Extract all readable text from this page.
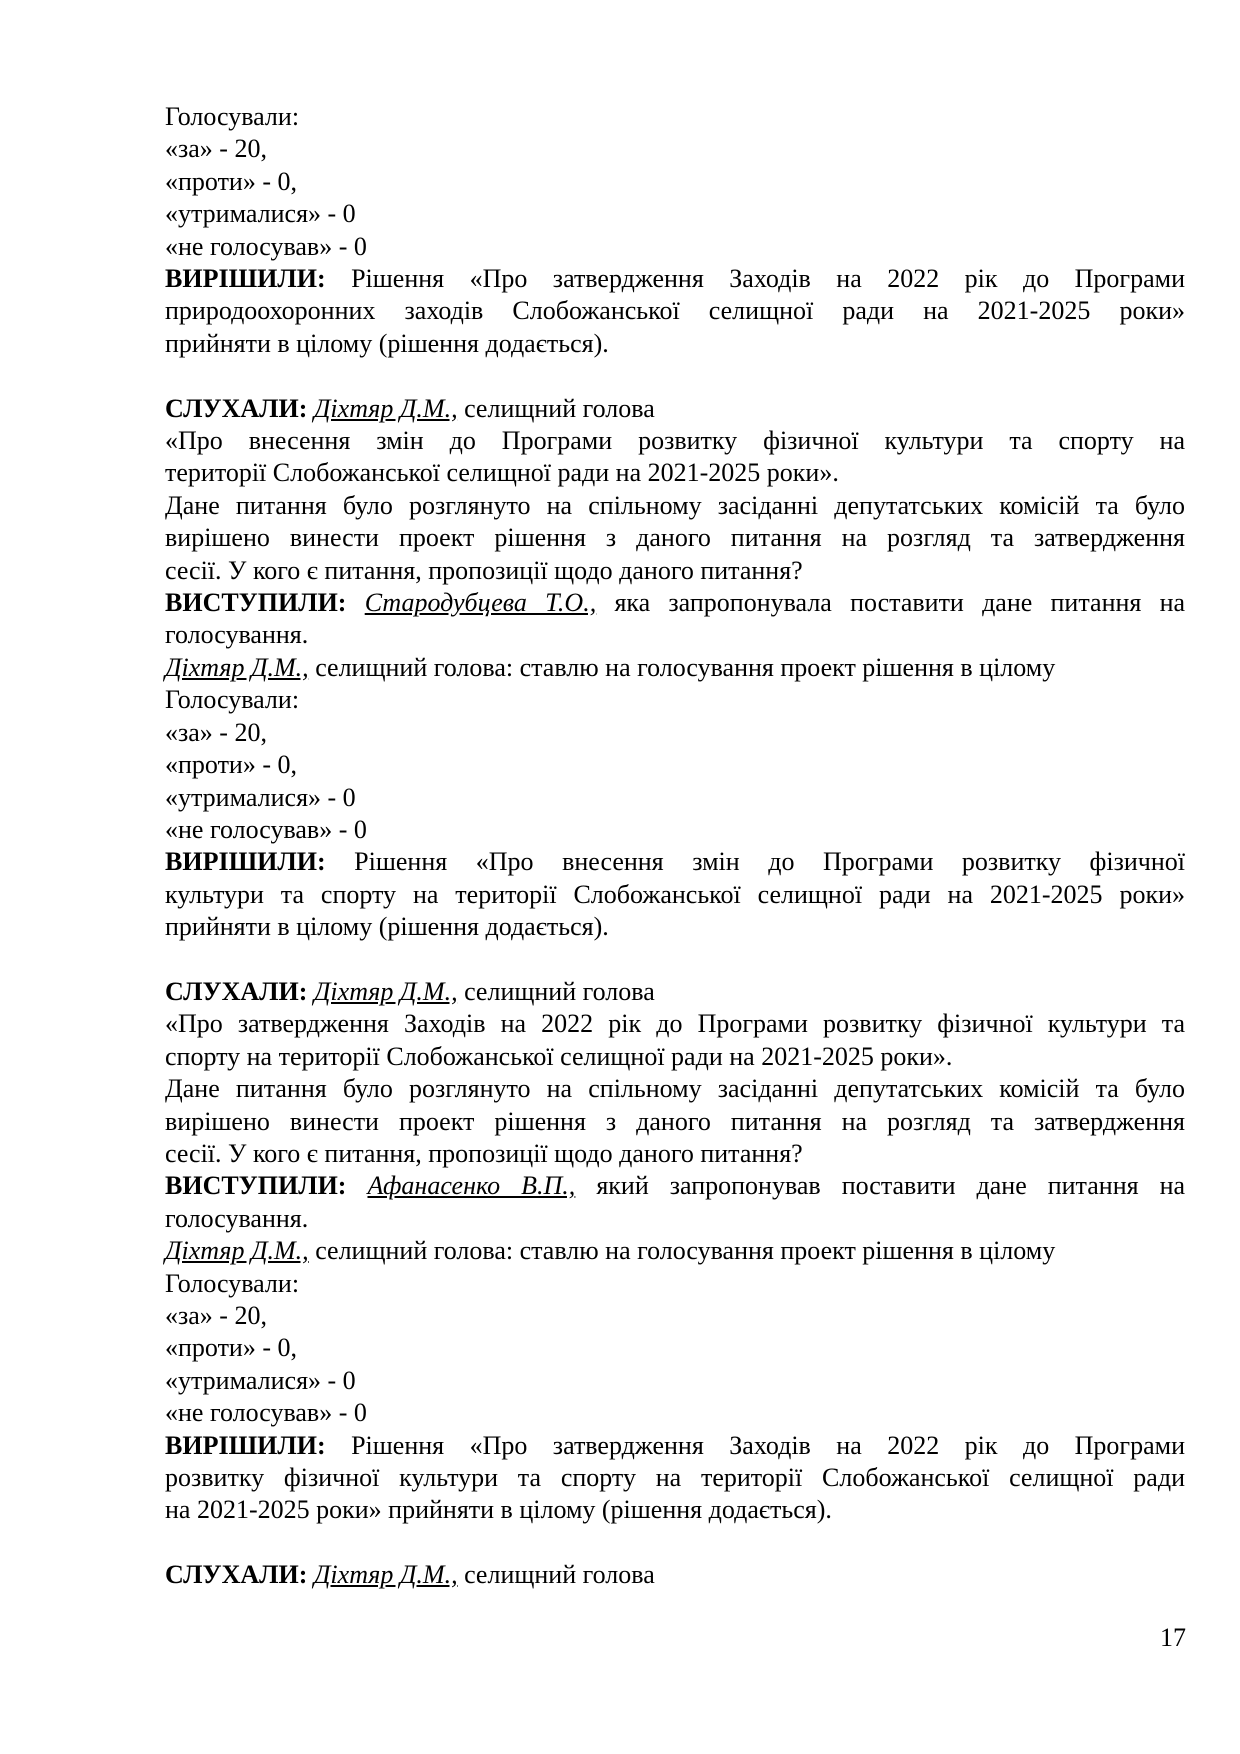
Голосували:

«за» - 20,

«проти» - 0,

«утрималися» - 0

«не голосував» - 0

ВИРІШИЛИ: Рішення «Про затвердження Заходів на 2022 рік до Програми

природоохоронних заходів Слобожанської селищної ради на 2021-2025 роки»

прийняти в цілому (рішення додається).

СЛУХАЛИ: Діхтяр Д.М., селищний голова

«Про внесення змін до Програми розвитку фізичної культури та спорту на

території Слобожанської селищної ради на 2021-2025 роки».

Дане питання було розглянуто на спільному засіданні депутатських комісій та було

вирішено винести проект рішення з даного питання на розгляд та затвердження

сесії. У кого є питання, пропозиції щодо даного питання?

ВИСТУПИЛИ: Стародубцева Т.О., яка запропонувала поставити дане питання на

голосування.

Діхтяр Д.М., селищний голова: ставлю на голосування проект рішення в цілому

Голосували:

«за» - 20,

«проти» - 0,

«утрималися» - 0

«не голосував» - 0

ВИРІШИЛИ: Рішення «Про внесення змін до Програми розвитку фізичної

культури та спорту на території Слобожанської селищної ради на 2021-2025 роки»

прийняти в цілому (рішення додається).

СЛУХАЛИ: Діхтяр Д.М., селищний голова

«Про затвердження Заходів на 2022 рік до Програми розвитку фізичної культури та

спорту на території Слобожанської селищної ради на 2021-2025 роки».

Дане питання було розглянуто на спільному засіданні депутатських комісій та було

вирішено винести проект рішення з даного питання на розгляд та затвердження

сесії. У кого є питання, пропозиції щодо даного питання?

ВИСТУПИЛИ: Афанасенко В.П., який запропонував поставити дане питання на

голосування.

Діхтяр Д.М., селищний голова: ставлю на голосування проект рішення в цілому

Голосували:

«за» - 20,

«проти» - 0,

«утрималися» - 0

«не голосував» - 0

ВИРІШИЛИ: Рішення «Про затвердження Заходів на 2022 рік до Програми

розвитку фізичної культури та спорту на території Слобожанської селищної ради

на 2021-2025 роки» прийняти в цілому (рішення додається).

СЛУХАЛИ: Діхтяр Д.М., селищний голова

17
